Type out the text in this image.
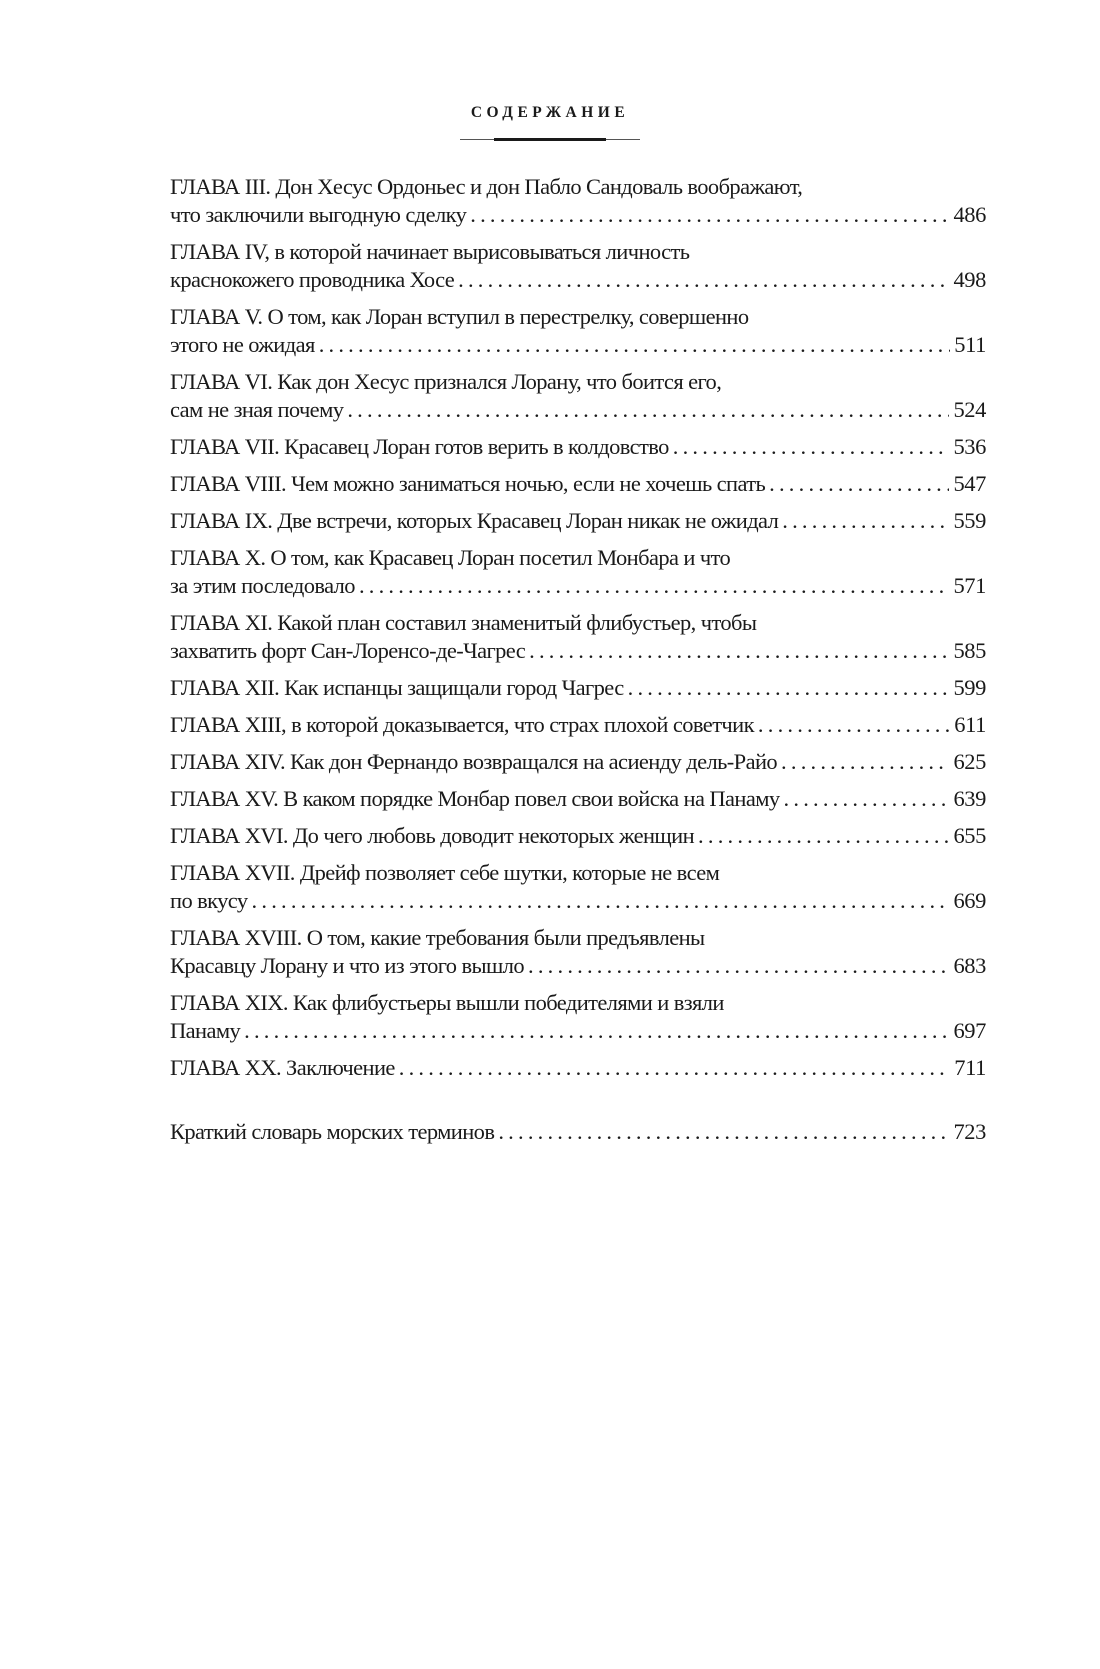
СОДЕРЖАНИЕ
ГЛАВА III. Дон Хесус Ордоньес и дон Пабло Сандоваль воображают,
что заключили выгодную сделку .....	486
ГЛАВА IV, в которой начинает вырисовываться личность
краснокожего проводника Хосе .....	498
ГЛАВА V. О том, как Лоран вступил в перестрелку, совершенно
этого не ожидая .....	511
ГЛАВА VI. Как дон Хесус признался Лорану, что боится его,
сам не зная почему .....	524
ГЛАВА VII. Красавец Лоран готов верить в колдовство .....	536
ГЛАВА VIII. Чем можно заниматься ночью, если не хочешь спать .....	547
ГЛАВА IX. Две встречи, которых Красавец Лоран никак не ожидал .....	559
ГЛАВА X. О том, как Красавец Лоран посетил Монбара и что
за этим последовало .....	571
ГЛАВА XI. Какой план составил знаменитый флибустьер, чтобы
захватить форт Сан-Лоренсо-де-Чагрес .....	585
ГЛАВА XII. Как испанцы защищали город Чагрес .....	599
ГЛАВА XIII, в которой доказывается, что страх плохой советчик .....	611
ГЛАВА XIV. Как дон Фернандо возвращался на асиенду дель-Райо .....	625
ГЛАВА XV. В каком порядке Монбар повел свои войска на Панаму .....	639
ГЛАВА XVI. До чего любовь доводит некоторых женщин .....	655
ГЛАВА XVII. Дрейф позволяет себе шутки, которые не всем
по вкусу .....	669
ГЛАВА XVIII. О том, какие требования были предъявлены
Красавцу Лорану и что из этого вышло .....	683
ГЛАВА XIX. Как флибустьеры вышли победителями и взяли
Панаму .....	697
ГЛАВА XX. Заключение .....	711
Краткий словарь морских терминов .....	723
